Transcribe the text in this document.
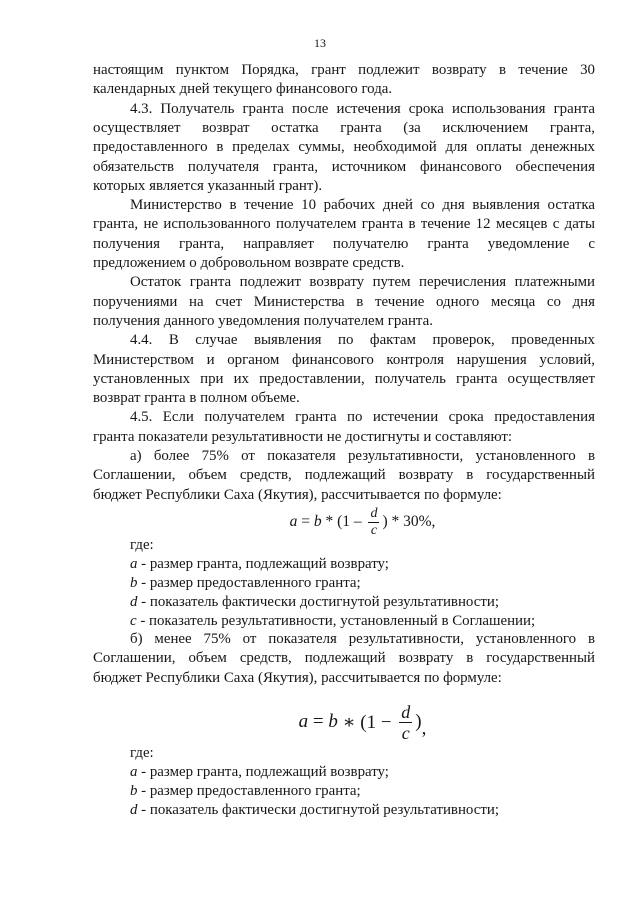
13
настоящим пунктом Порядка, грант подлежит возврату в течение 30
календарных дней текущего финансового года.
4.3. Получатель гранта после истечения срока использования гранта
осуществляет возврат остатка гранта (за исключением гранта,
предоставленного в пределах суммы, необходимой для оплаты денежных
обязательств получателя гранта, источником финансового обеспечения
которых является указанный грант).
Министерство в течение 10 рабочих дней со дня выявления остатка
гранта, не использованного получателем гранта в течение 12 месяцев с даты
получения гранта, направляет получателю гранта уведомление с
предложением о добровольном возврате средств.
Остаток гранта подлежит возврату путем перечисления платежными
поручениями на счет Министерства в течение одного месяца со дня
получения данного уведомления получателем гранта.
4.4. В случае выявления по фактам проверок, проведенных
Министерством и органом финансового контроля нарушения условий,
установленных при их предоставлении, получатель гранта осуществляет
возврат гранта в полном объеме.
4.5. Если получателем гранта по истечении срока предоставления
гранта показатели результативности не достигнуты и составляют:
а) более 75% от показателя результативности, установленного в
Соглашении, объем средств, подлежащий возврату в государственный
бюджет Республики Саха (Якутия), рассчитывается по формуле:
$a = b * (1 - \frac{d}{c}$ ) * 30%,
где:
a - размер гранта, подлежащий возврату;
b - размер предоставленного гранта;
d - показатель фактически достигнутой результативности;
c - показатель результативности, установленный в Соглашении;
б) менее 75% от показателя результативности, установленного в
Соглашении, объем средств, подлежащий возврату в государственный
бюджет Республики Саха (Якутия), рассчитывается по формуле:
a = b ∗ ($1 - \frac{d}{c}$ ) ,
где:
a - размер гранта, подлежащий возврату;
b - размер предоставленного гранта;
d - показатель фактически достигнутой результативности;
